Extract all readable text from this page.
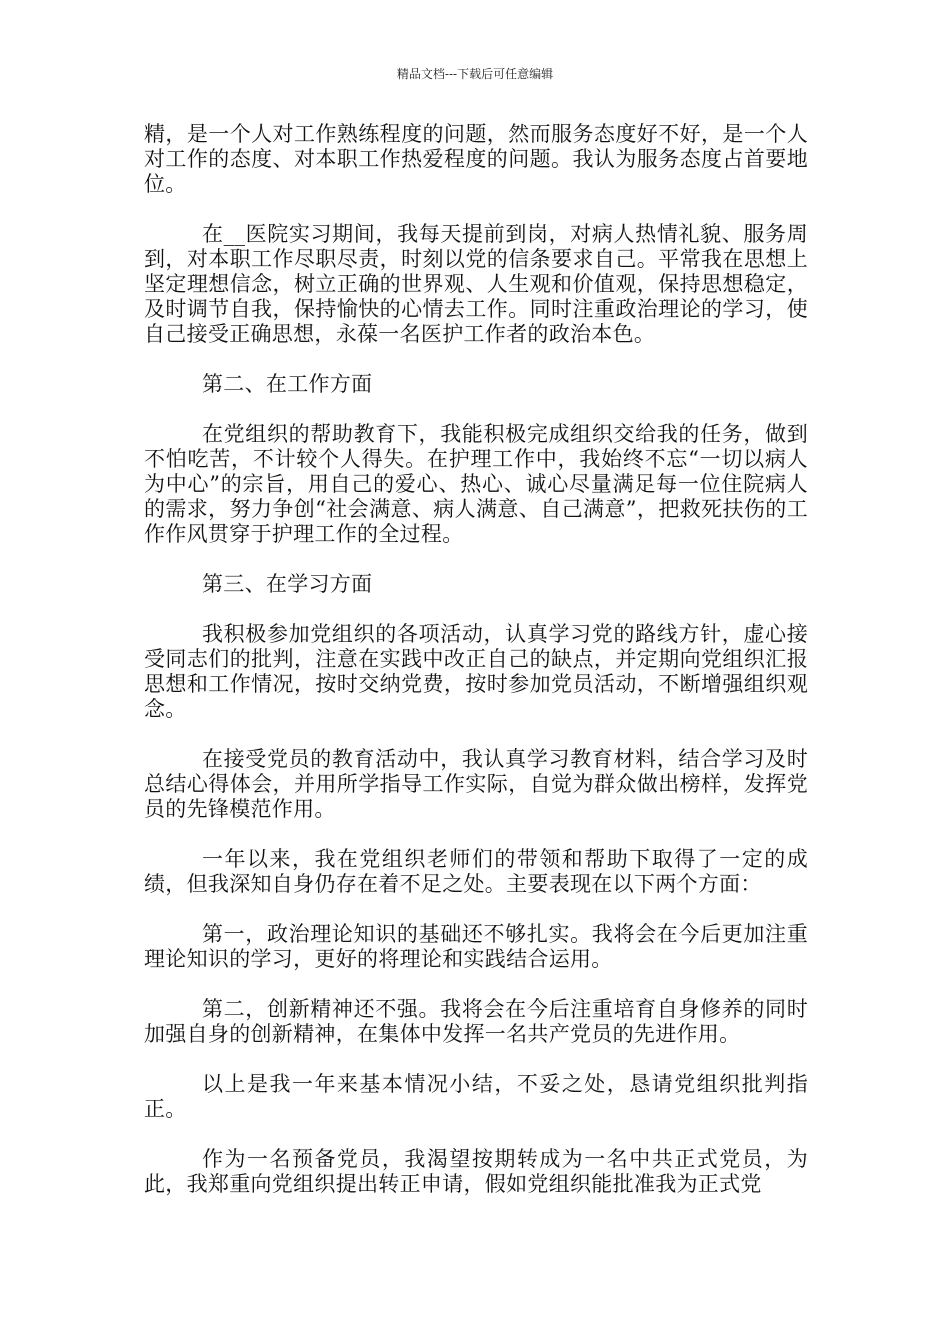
精品文档---下载后可任意编辑

精，是一个人对工作熟练程度的问题，然而服务态度好不好，是一个人对工作的态度、对本职工作热爱程度的问题。我认为服务态度占首要地位。

在__医院实习期间，我每天提前到岗，对病人热情礼貌、服务周到，对本职工作尽职尽责，时刻以党的信条要求自己。平常我在思想上坚定理想信念，树立正确的世界观、人生观和价值观，保持思想稳定，及时调节自我，保持愉快的心情去工作。同时注重政治理论的学习，使自己接受正确思想，永葆一名医护工作者的政治本色。

第二、在工作方面

在党组织的帮助教育下，我能积极完成组织交给我的任务，做到不怕吃苦，不计较个人得失。在护理工作中，我始终不忘“一切以病人为中心”的宗旨，用自己的爱心、热心、诚心尽量满足每一位住院病人的需求，努力争创“社会满意、病人满意、自己满意”，把救死扶伤的工作作风贯穿于护理工作的全过程。

第三、在学习方面

我积极参加党组织的各项活动，认真学习党的路线方针，虚心接受同志们的批判，注意在实践中改正自己的缺点，并定期向党组织汇报思想和工作情况，按时交纳党费，按时参加党员活动，不断增强组织观念。

在接受党员的教育活动中，我认真学习教育材料，结合学习及时总结心得体会，并用所学指导工作实际，自觉为群众做出榜样，发挥党员的先锋模范作用。

一年以来，我在党组织老师们的带领和帮助下取得了一定的成绩，但我深知自身仍存在着不足之处。主要表现在以下两个方面：

第一，政治理论知识的基础还不够扎实。我将会在今后更加注重理论知识的学习，更好的将理论和实践结合运用。

第二，创新精神还不强。我将会在今后注重培育自身修养的同时加强自身的创新精神，在集体中发挥一名共产党员的先进作用。

以上是我一年来基本情况小结，不妥之处，恳请党组织批判指正。

作为一名预备党员，我渴望按期转成为一名中共正式党员，为此，我郑重向党组织提出转正申请，假如党组织能批准我为正式党
